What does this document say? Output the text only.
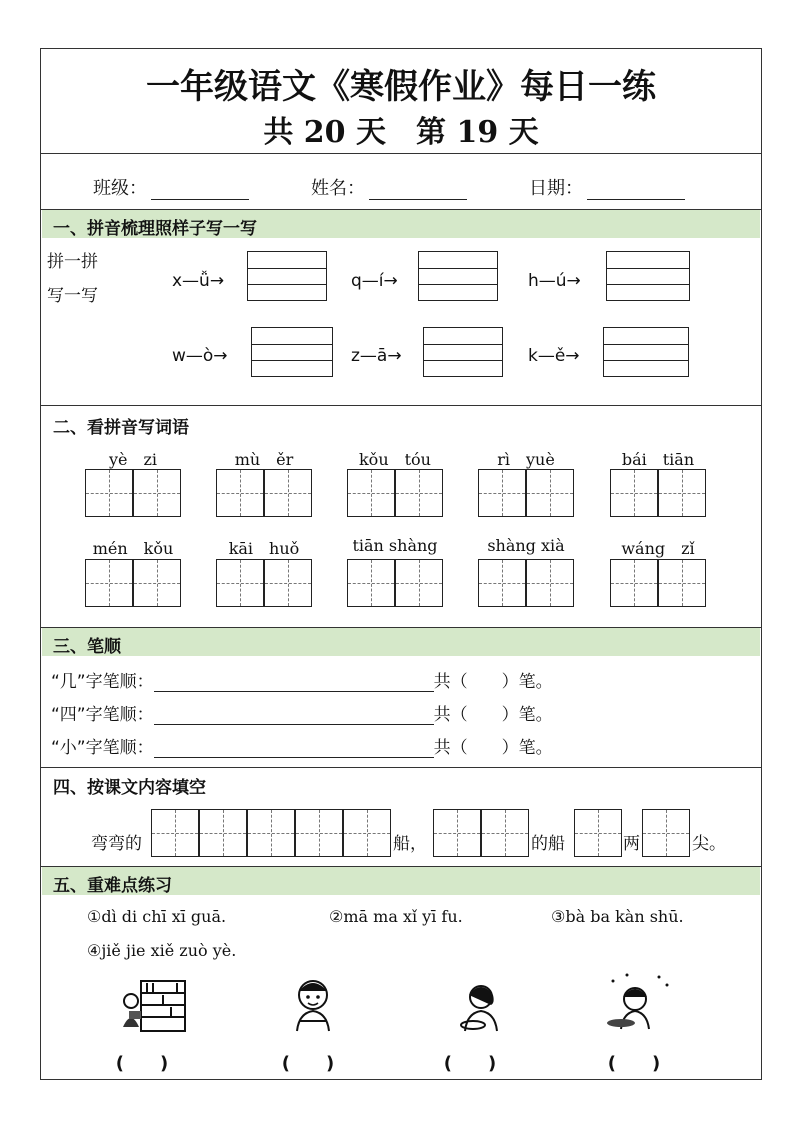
一年级语文《寒假作业》每日一练
共 20 天　第 19 天
班级：	姓名：	日期：
一、拼音梳理照样子写一写
拼一拼
写一写
x—ǚ→	q—í→	h—ú→
w—ò→	z—ā→	k—ě→
二、看拼音写词语
yè　zi	mù　ěr	kǒu　tóu	rì　yuè	bái　tiān
mén　kǒu	kāi　huǒ	tiān shàng	shàng xià	wáng　zǐ
三、笔顺
“几”字笔顺：	共（　　）笔。
“四”字笔顺：	共（　　）笔。
“小”字笔顺：	共（　　）笔。
四、按课文内容填空
弯弯的	船，	的船	两	尖。
五、重难点练习
①dì di chī xī guā.	②mā ma xǐ yī fu.	③bà ba kàn shū.
④jiě jie xiě zuò yè.
(　　)	(　　)	(　　)	(　　)
